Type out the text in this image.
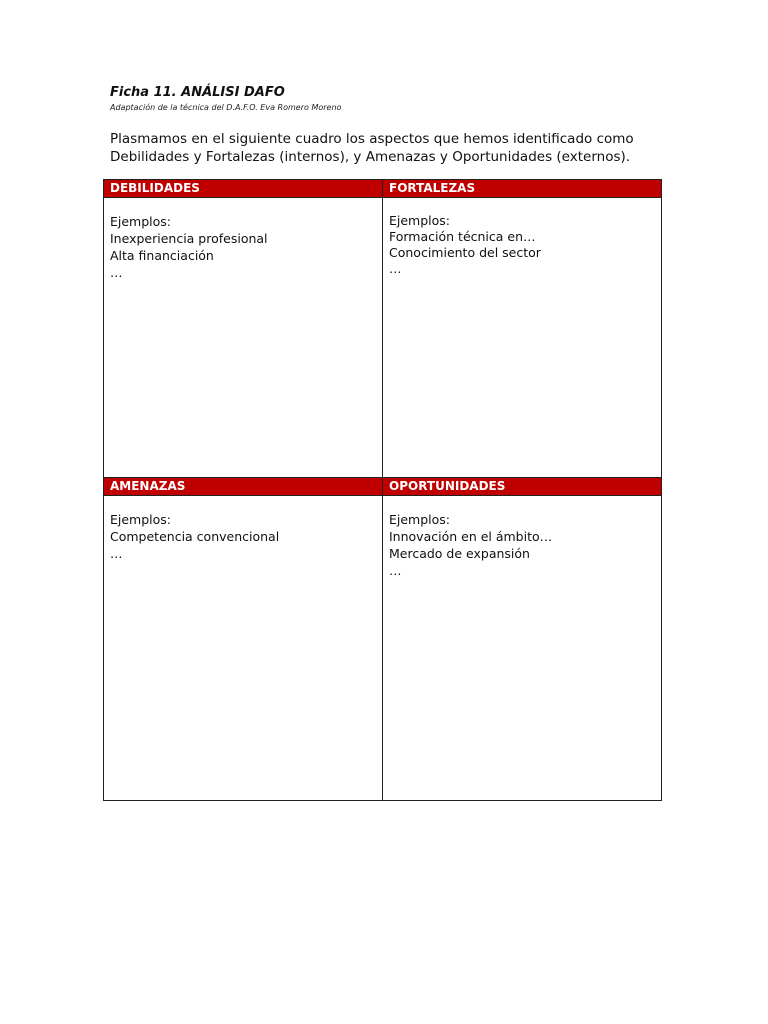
Ficha 11. ANÁLISI DAFO

Adaptación de la técnica del D.A.F.O. Eva Romero Moreno

Plasmamos en el siguiente cuadro los aspectos que hemos identificado como
Debilidades y Fortalezas (internos), y Amenazas y Oportunidades (externos).
DEBILIDADES

Ejemplos:

Inexperiencia profesional

Alta financiación

…

FORTALEZAS

Ejemplos:

Formación técnica en…

Conocimiento del sector

…

AMENAZAS

Ejemplos:

Competencia convencional

…

OPORTUNIDADES

Ejemplos:

Innovación en el ámbito…

Mercado de expansión

…
